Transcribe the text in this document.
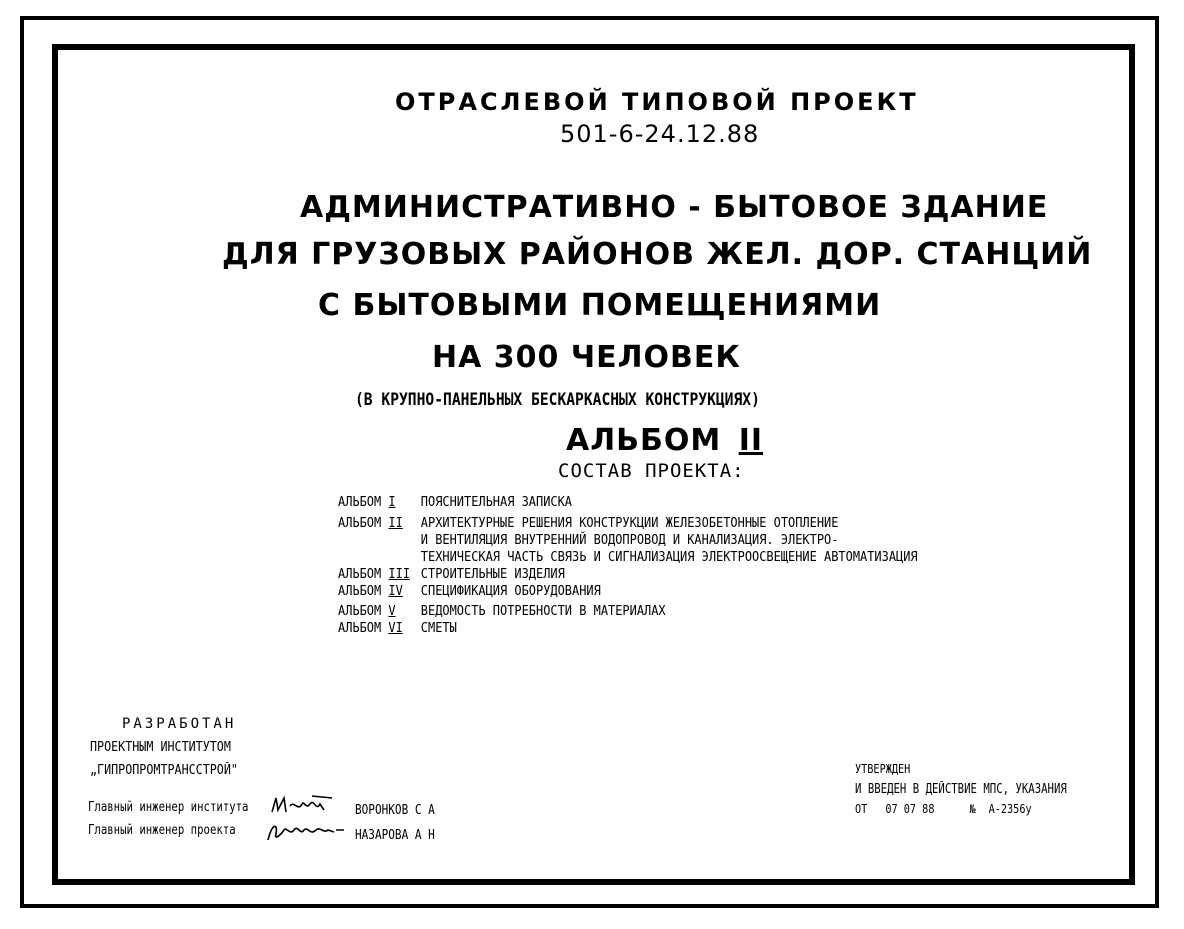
ОТРАСЛЕВОЙ ТИПОВОЙ ПРОЕКТ
501-6-24.12.88
АДМИНИСТРАТИВНО - БЫТОВОЕ ЗДАНИЕ
ДЛЯ ГРУЗОВЫХ РАЙОНОВ ЖЕЛ. ДОР. СТАНЦИЙ
С БЫТОВЫМИ ПОМЕЩЕНИЯМИ
НА 300 ЧЕЛОВЕК
(В КРУПНО-ПАНЕЛЬНЫХ БЕСКАРКАСНЫХ КОНСТРУКЦИЯХ)
АЛЬБОМ II
СОСТАВ ПРОЕКТА:
АЛЬБОМ I ПОЯСНИТЕЛЬНАЯ ЗАПИСКА
АЛЬБОМ II АРХИТЕКТУРНЫЕ РЕШЕНИЯ КОНСТРУКЦИИ ЖЕЛЕЗОБЕТОННЫЕ ОТОПЛЕНИЕ
И ВЕНТИЛЯЦИЯ ВНУТРЕННИЙ ВОДОПРОВОД И КАНАЛИЗАЦИЯ. ЭЛЕКТРО-
ТЕХНИЧЕСКАЯ ЧАСТЬ СВЯЗЬ И СИГНАЛИЗАЦИЯ ЭЛЕКТРООСВЕЩЕНИЕ АВТОМАТИЗАЦИЯ
АЛЬБОМ III СТРОИТЕЛЬНЫЕ ИЗДЕЛИЯ
АЛЬБОМ IV СПЕЦИФИКАЦИЯ ОБОРУДОВАНИЯ
АЛЬБОМ V ВЕДОМОСТЬ ПОТРЕБНОСТИ В МАТЕРИАЛАХ
АЛЬБОМ VI СМЕТЫ
РАЗРАБОТАН
ПРОЕКТНЫМ ИНСТИТУТОМ
„ГИПРОПРОМТРАНССТРОЙ"
Главный инженер института	ВОРОНКОВ С А
Главный инженер проекта	НАЗАРОВА А Н
УТВЕРЖДЕН
И ВВЕДЕН В ДЕЙСТВИЕ МПС, УКАЗАНИЯ
ОТ 07 07 88	№ А-2356у
